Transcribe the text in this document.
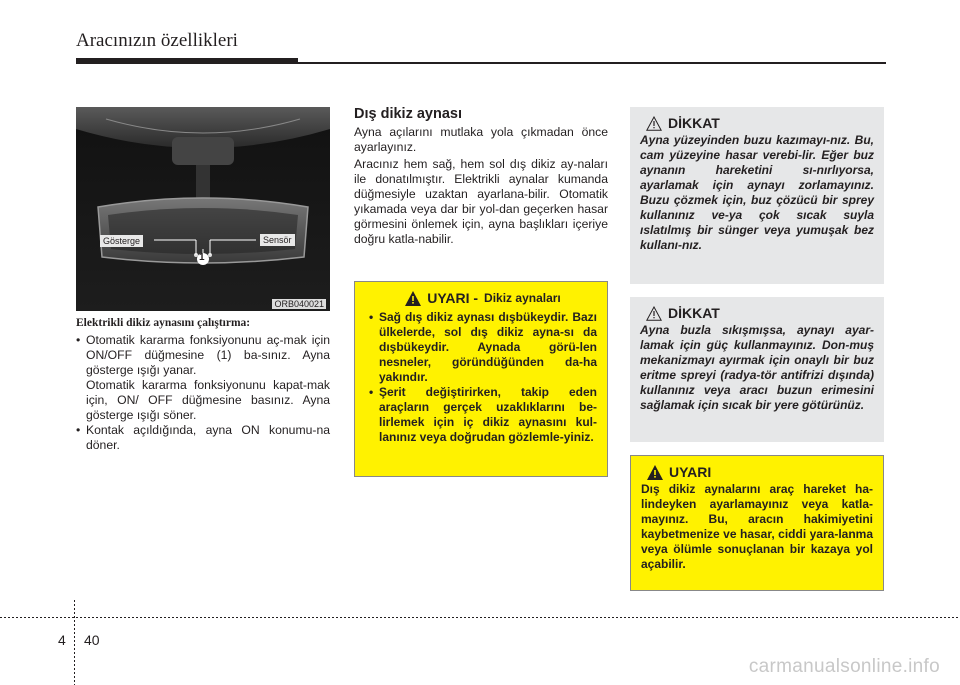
Aracınızın özellikleri
Gösterge	Sensör
1
ORB040021
Elektrikli dikiz aynasını çalıştırma:
• Otomatik kararma fonksiyonunu aç-mak için ON/OFF düğmesine (1) ba-sınız. Ayna gösterge ışığı yanar.
Otomatik kararma fonksiyonunu kapat-mak için, ON/ OFF düğmesine basınız. Ayna gösterge ışığı söner.
• Kontak açıldığında, ayna ON konumu-na döner.
Dış dikiz aynası
Ayna açılarını mutlaka yola çıkmadan önce ayarlayınız.
Aracınız hem sağ, hem sol dış dikiz ay-naları ile donatılmıştır. Elektrikli aynalar kumanda düğmesiyle uzaktan ayarlana-bilir. Otomatik yıkamada veya dar bir yol-dan geçerken hasar görmesini önlemek için, ayna başlıkları içeriye doğru katla-nabilir.
UYARI - Dikiz aynaları
• Sağ dış dikiz aynası dışbükeydir. Bazı ülkelerde, sol dış dikiz ayna-sı da dışbükeydir. Aynada görü-len nesneler, göründüğünden da-ha yakındır.
• Şerit değiştirirken, takip eden araçların gerçek uzaklıklarını be-lirlemek için iç dikiz aynasını kul-lanınız veya doğrudan gözlemle-yiniz.
DİKKAT
Ayna yüzeyinden buzu kazımayı-nız. Bu, cam yüzeyine hasar verebi-lir. Eğer buz aynanın hareketini sı-nırlıyorsa, ayarlamak için aynayı zorlamayınız. Buzu çözmek için, buz çözücü bir sprey kullanınız ve-ya çok sıcak suyla ıslatılmış bir sünger veya yumuşak bez kullanı-nız.
DİKKAT
Ayna buzla sıkışmışsa, aynayı ayar-lamak için güç kullanmayınız. Don-muş mekanizmayı ayırmak için onaylı bir buz eritme spreyi (radya-tör antifrizi dışında) kullanınız veya aracı buzun erimesini sağlamak için sıcak bir yere götürünüz.
UYARI
Dış dikiz aynalarını araç hareket ha-lindeyken ayarlamayınız veya katla-mayınız. Bu, aracın hakimiyetini kaybetmenize ve hasar, ciddi yara-lanma veya ölümle sonuçlanan bir kazaya yol açabilir.
4 40
carmanualsonline.info
